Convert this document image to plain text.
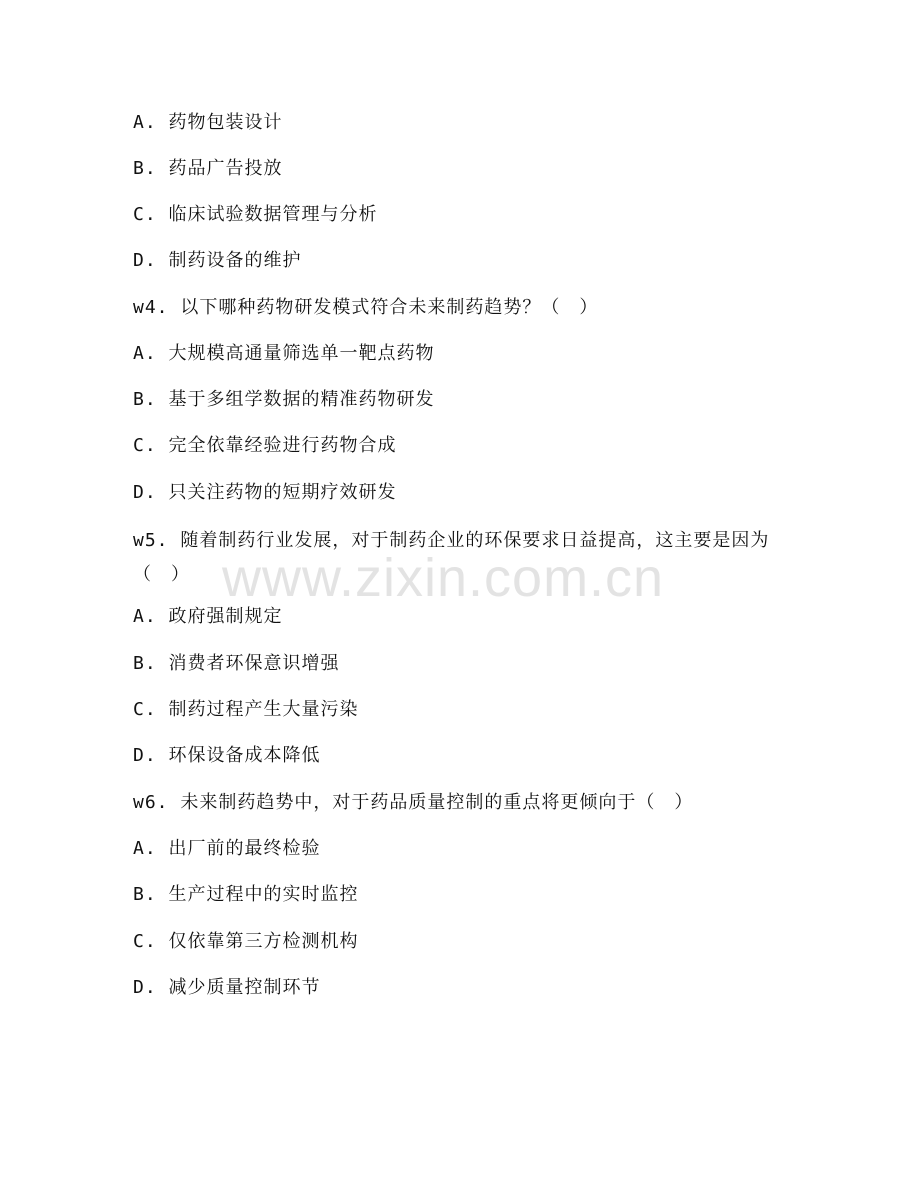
www.zixin.com.cn
A. 药物包装设计
B. 药品广告投放
C. 临床试验数据管理与分析
D. 制药设备的维护
w4. 以下哪种药物研发模式符合未来制药趋势？（　）
A. 大规模高通量筛选单一靶点药物
B. 基于多组学数据的精准药物研发
C. 完全依靠经验进行药物合成
D. 只关注药物的短期疗效研发
w5. 随着制药行业发展，对于制药企业的环保要求日益提高，这主要是因为（　）
A. 政府强制规定
B. 消费者环保意识增强
C. 制药过程产生大量污染
D. 环保设备成本降低
w6. 未来制药趋势中，对于药品质量控制的重点将更倾向于（　）
A. 出厂前的最终检验
B. 生产过程中的实时监控
C. 仅依靠第三方检测机构
D. 减少质量控制环节
